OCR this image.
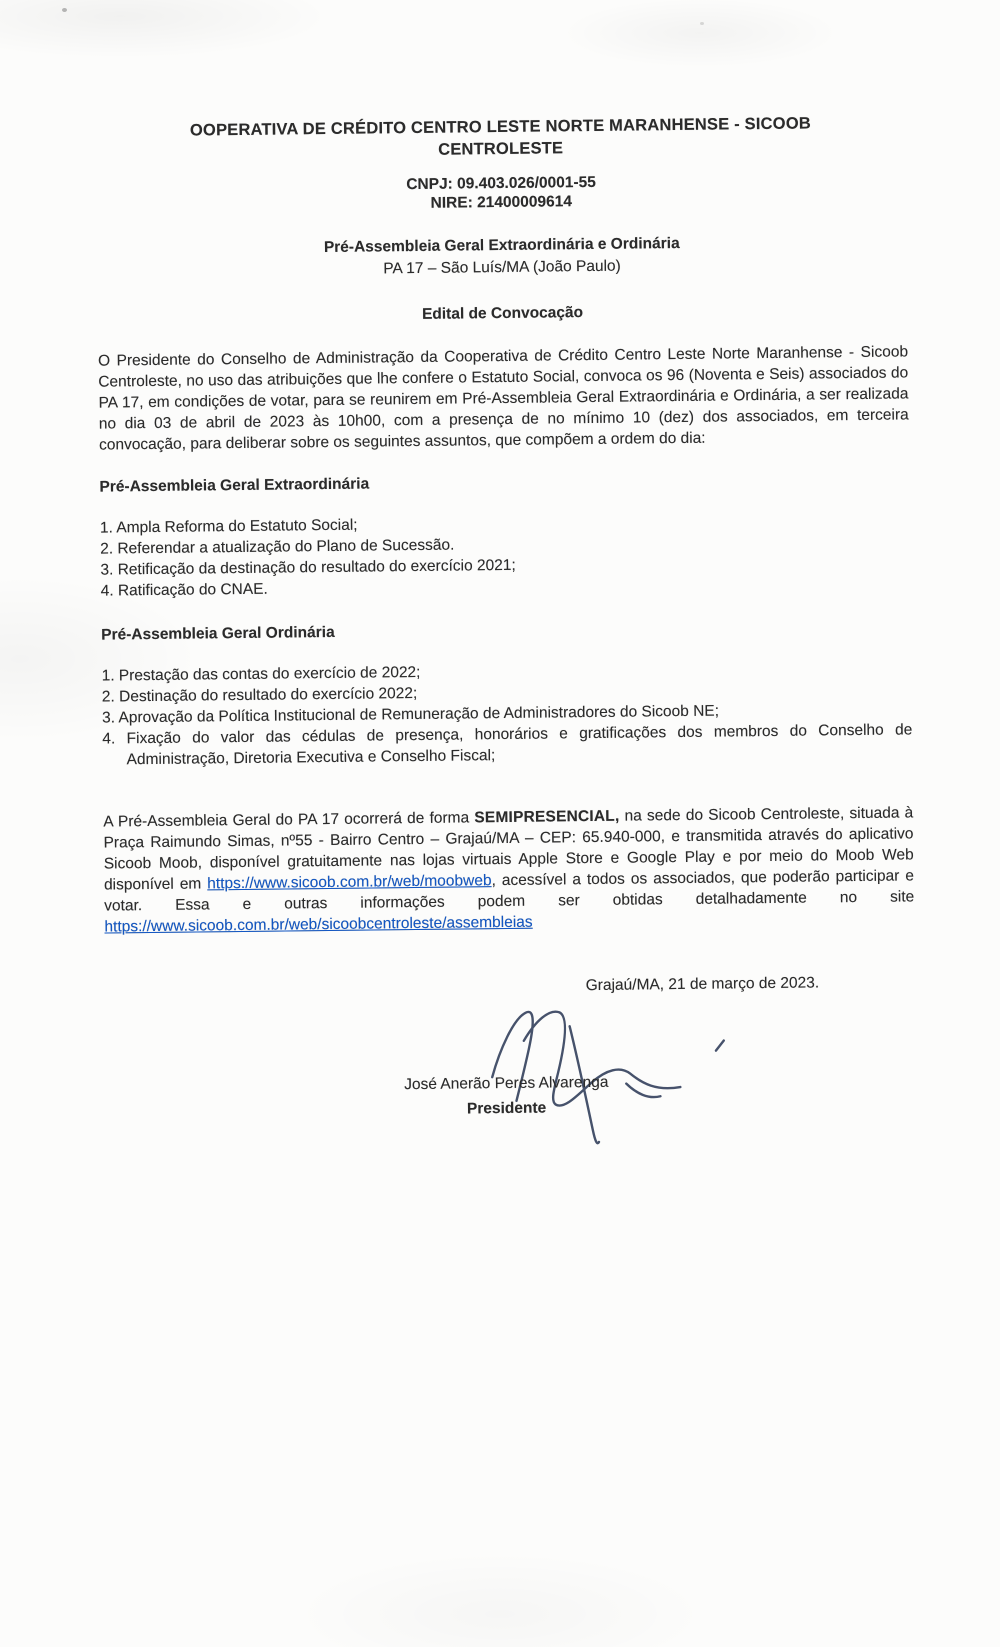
OOPERATIVA DE CRÉDITO CENTRO LESTE NORTE MARANHENSE - SICOOB
CENTROLESTE
CNPJ: 09.403.026/0001-55
NIRE: 21400009614
Pré-Assembleia Geral Extraordinária e Ordinária
PA 17 – São Luís/MA (João Paulo)
Edital de Convocação

O Presidente do Conselho de Administração da Cooperativa de Crédito Centro Leste Norte Maranhense - Sicoob Centroleste, no uso das atribuições que lhe confere o Estatuto Social, convoca os 96 (Noventa e Seis) associados do PA 17, em condições de votar, para se reunirem em Pré-Assembleia Geral Extraordinária e Ordinária, a ser realizada no dia 03 de abril de 2023 às 10h00, com a presença de no mínimo 10 (dez) dos associados, em terceira convocação, para deliberar sobre os seguintes assuntos, que compõem a ordem do dia:

Pré-Assembleia Geral Extraordinária
1. Ampla Reforma do Estatuto Social;
2. Referendar a atualização do Plano de Sucessão.
3. Retificação da destinação do resultado do exercício 2021;
4. Ratificação do CNAE.
Pré-Assembleia Geral Ordinária
1. Prestação das contas do exercício de 2022;
2. Destinação do resultado do exercício 2022;
3. Aprovação da Política Institucional de Remuneração de Administradores do Sicoob NE;
4. Fixação do valor das cédulas de presença, honorários e gratificações dos membros do Conselho de Administração, Diretoria Executiva e Conselho Fiscal;

A Pré-Assembleia Geral do PA 17 ocorrerá de forma SEMIPRESENCIAL, na sede do Sicoob Centroleste, situada à Praça Raimundo Simas, nº55 - Bairro Centro – Grajaú/MA – CEP: 65.940-000, e transmitida através do aplicativo Sicoob Moob, disponível gratuitamente nas lojas virtuais Apple Store e Google Play e por meio do Moob Web disponível em https://www.sicoob.com.br/web/moobweb, acessível a todos os associados, que poderão participar e votar. Essa e outras informações podem ser obtidas detalhadamente no site https://www.sicoob.com.br/web/sicoobcentroleste/assembleias

Grajaú/MA, 21 de março de 2023.
José Anerão Peres Alvarenga
Presidente
